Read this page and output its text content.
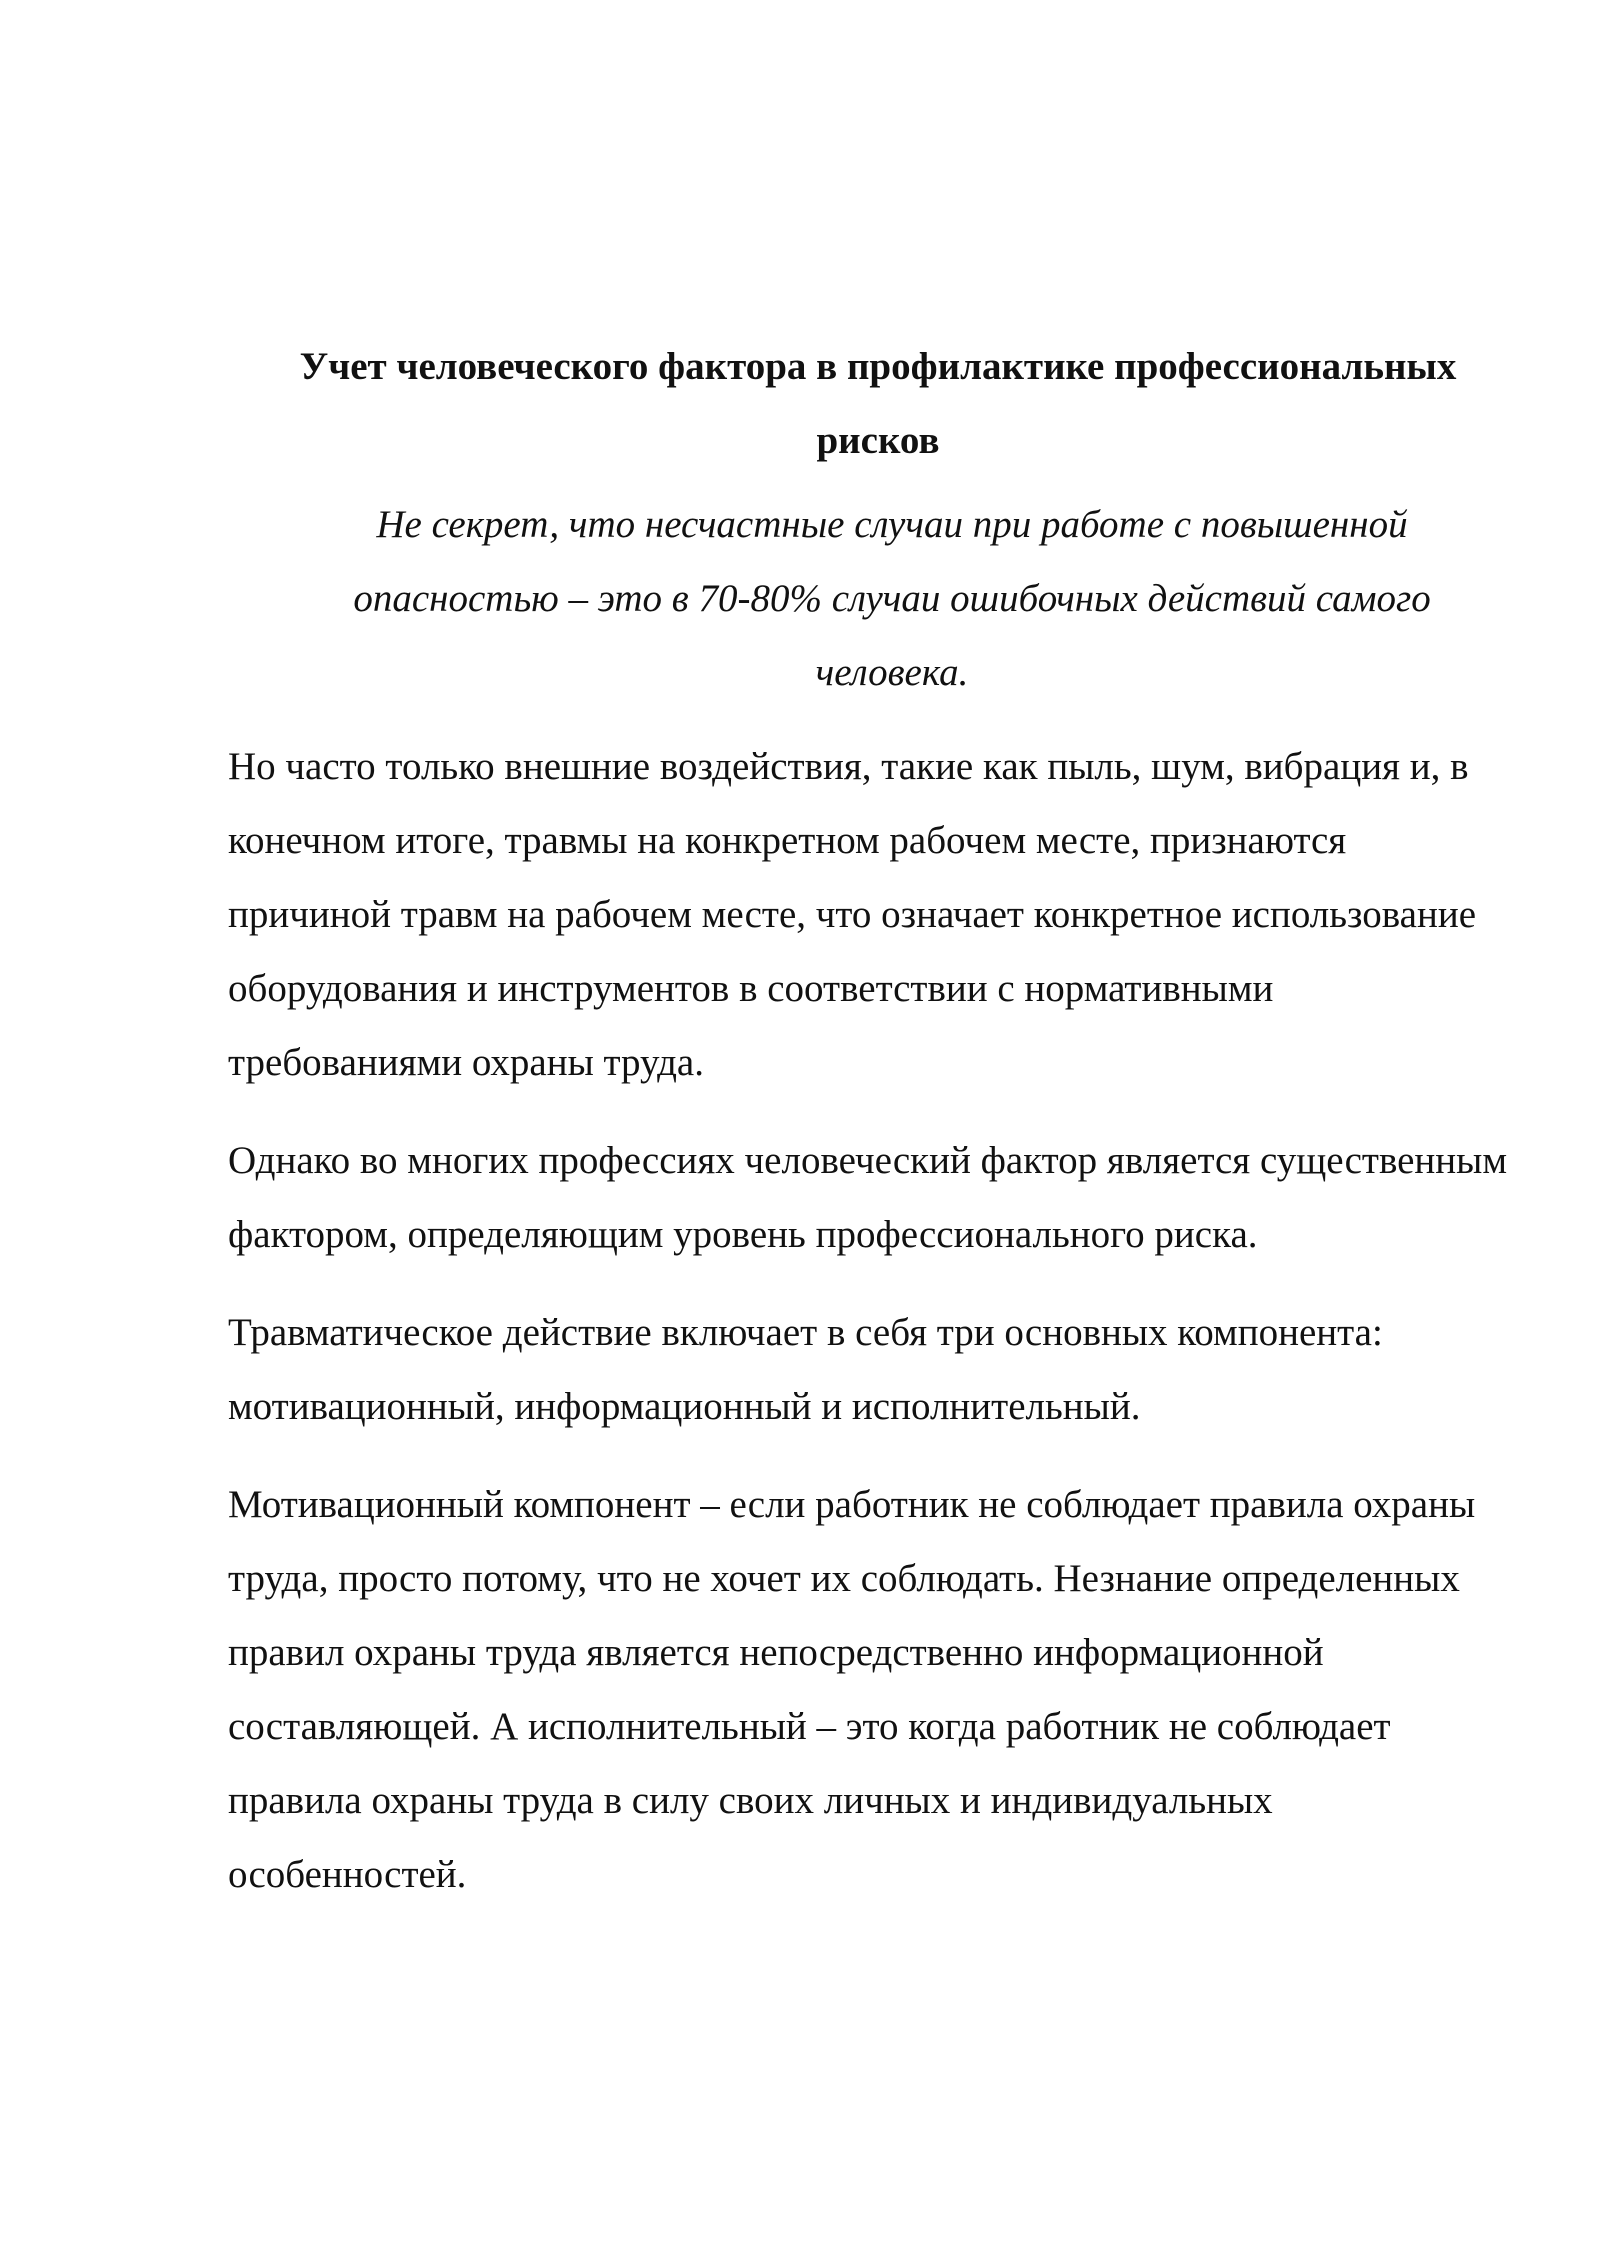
Учет человеческого фактора в профилактике профессиональных рисков

Не секрет, что несчастные случаи при работе с повышенной опасностью – это в 70-80% случаи ошибочных действий самого человека.

Но часто только внешние воздействия, такие как пыль, шум, вибрация и, в конечном итоге, травмы на конкретном рабочем месте, признаются причиной травм на рабочем месте, что означает конкретное использование оборудования и инструментов в соответствии с нормативными требованиями охраны труда.

Однако во многих профессиях человеческий фактор является существенным фактором, определяющим уровень профессионального риска.

Травматическое действие включает в себя три основных компонента: мотивационный, информационный и исполнительный.

Мотивационный компонент – если работник не соблюдает правила охраны труда, просто потому, что не хочет их соблюдать. Незнание определенных правил охраны труда является непосредственно информационной составляющей. А исполнительный – это когда работник не соблюдает правила охраны труда в силу своих личных и индивидуальных особенностей.
